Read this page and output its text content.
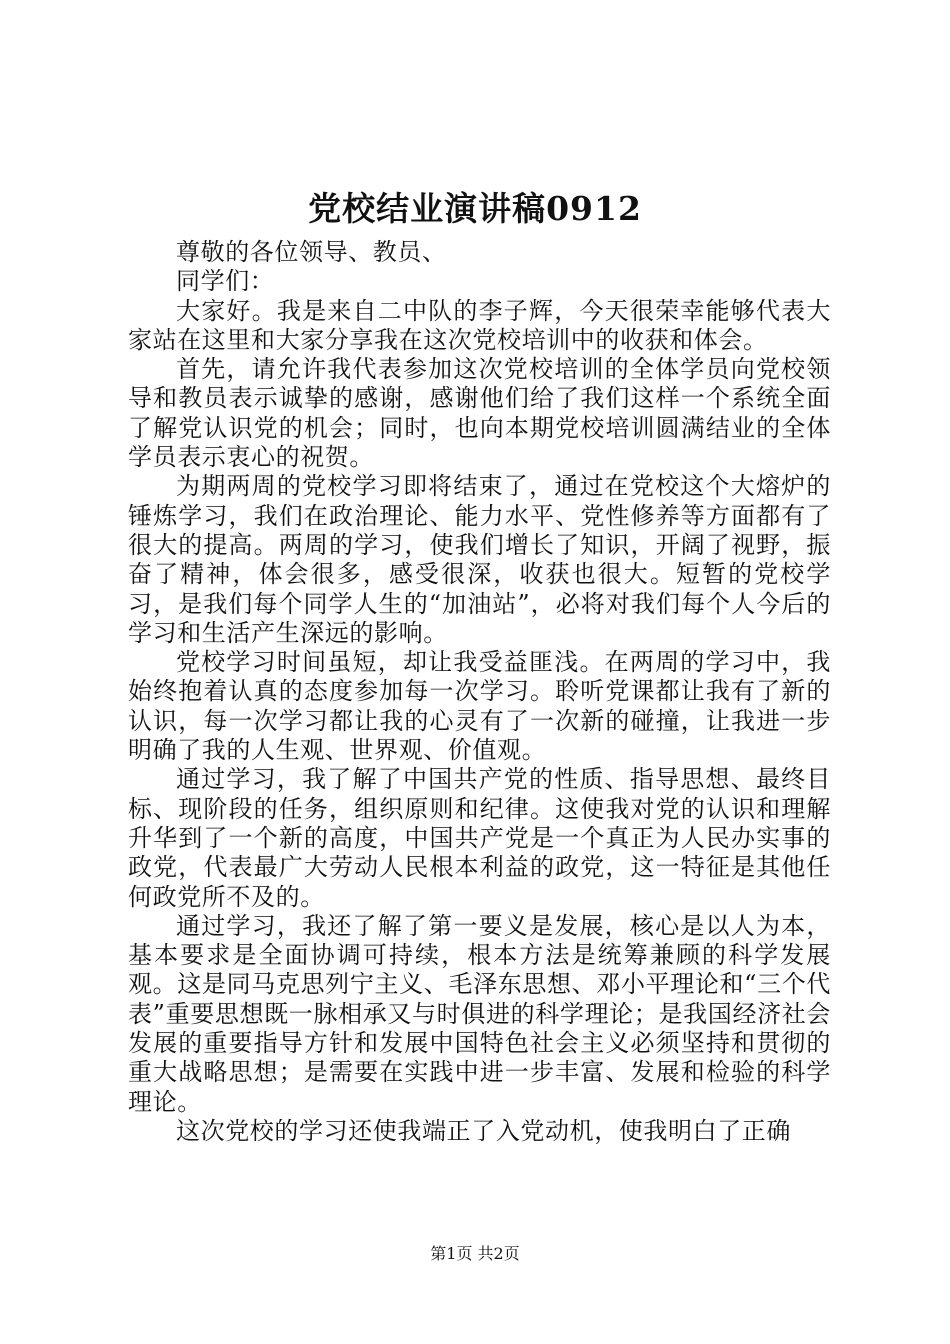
党校结业演讲稿0912

尊敬的各位领导、教员、

同学们：

大家好。我是来自二中队的李子辉，今天很荣幸能够代表大家站在这里和大家分享我在这次党校培训中的收获和体会。

首先，请允许我代表参加这次党校培训的全体学员向党校领导和教员表示诚挚的感谢，感谢他们给了我们这样一个系统全面了解党认识党的机会；同时，也向本期党校培训圆满结业的全体学员表示衷心的祝贺。

为期两周的党校学习即将结束了，通过在党校这个大熔炉的锤炼学习，我们在政治理论、能力水平、党性修养等方面都有了很大的提高。两周的学习，使我们增长了知识，开阔了视野，振奋了精神，体会很多，感受很深，收获也很大。短暂的党校学习，是我们每个同学人生的“加油站”，必将对我们每个人今后的学习和生活产生深远的影响。

党校学习时间虽短，却让我受益匪浅。在两周的学习中，我始终抱着认真的态度参加每一次学习。聆听党课都让我有了新的认识，每一次学习都让我的心灵有了一次新的碰撞，让我进一步明确了我的人生观、世界观、价值观。

通过学习，我了解了中国共产党的性质、指导思想、最终目标、现阶段的任务，组织原则和纪律。这使我对党的认识和理解升华到了一个新的高度，中国共产党是一个真正为人民办实事的政党，代表最广大劳动人民根本利益的政党，这一特征是其他任何政党所不及的。

通过学习，我还了解了第一要义是发展，核心是以人为本，基本要求是全面协调可持续，根本方法是统筹兼顾的科学发展观。这是同马克思列宁主义、毛泽东思想、邓小平理论和“三个代表”重要思想既一脉相承又与时俱进的科学理论；是我国经济社会发展的重要指导方针和发展中国特色社会主义必须坚持和贯彻的重大战略思想；是需要在实践中进一步丰富、发展和检验的科学理论。

这次党校的学习还使我端正了入党动机，使我明白了正确

第1页 共2页
